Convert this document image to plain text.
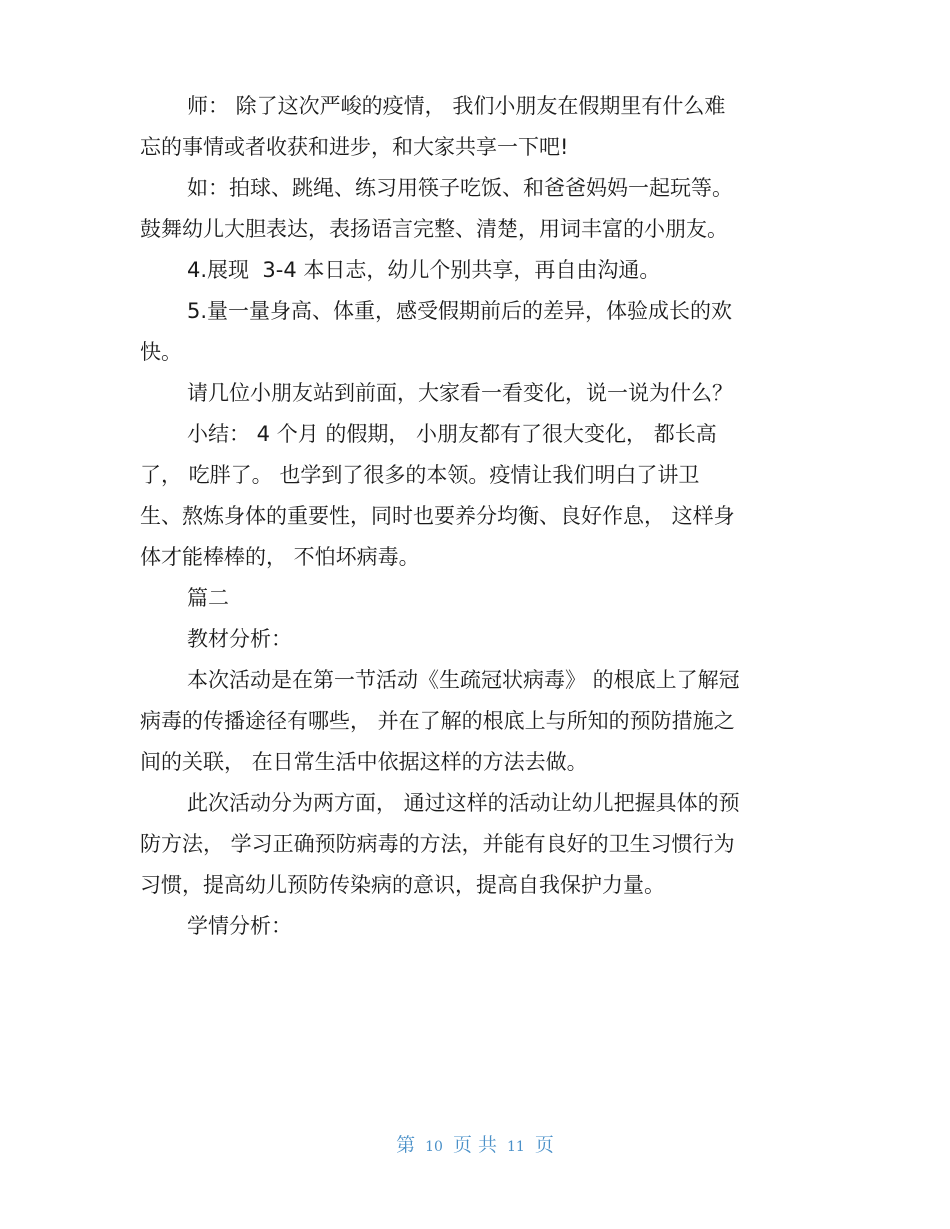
师： 除了这次严峻的疫情， 我们小朋友在假期里有什么难
忘的事情或者收获和进步，和大家共享一下吧!

如：拍球、跳绳、练习用筷子吃饭、和爸爸妈妈一起玩等。
鼓舞幼儿大胆表达，表扬语言完整、清楚，用词丰富的小朋友。

4.展现  3-4 本日志，幼儿个别共享，再自由沟通。

5.量一量身高、体重，感受假期前后的差异，体验成长的欢
快。

请几位小朋友站到前面，大家看一看变化，说一说为什么？

小结： 4 个月 的假期， 小朋友都有了很大变化， 都长高
了， 吃胖了。 也学到了很多的本领。疫情让我们明白了讲卫
生、熬炼身体的重要性，同时也要养分均衡、良好作息， 这样身
体才能棒棒的， 不怕坏病毒。

篇二

教材分析：

本次活动是在第一节活动《生疏冠状病毒》 的根底上了解冠
病毒的传播途径有哪些， 并在了解的根底上与所知的预防措施之
间的关联， 在日常生活中依据这样的方法去做。

此次活动分为两方面， 通过这样的活动让幼儿把握具体的预
防方法， 学习正确预防病毒的方法，并能有良好的卫生习惯行为
习惯，提高幼儿预防传染病的意识，提高自我保护力量。

学情分析：

第 10 页 共 11 页
